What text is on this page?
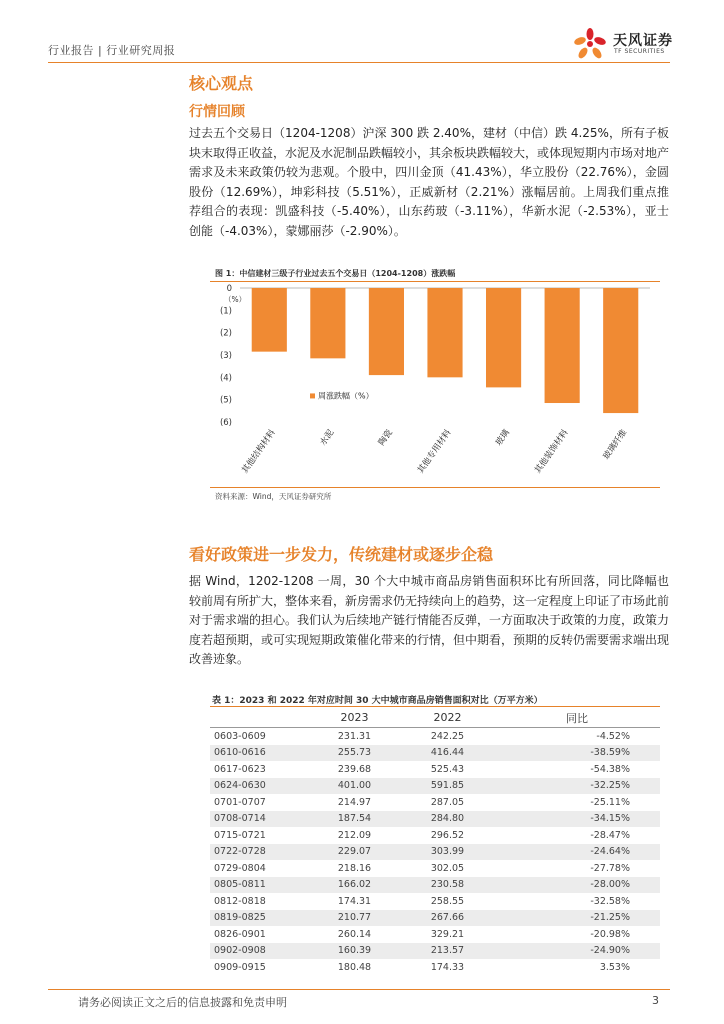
行业报告 | 行业研究周报
天风证券
TF SECURITIES
核心观点
行情回顾
过去五个交易日（1204-1208）沪深 300 跌 2.40%，建材（中信）跌 4.25%，所有子板块末取得正收益，水泥及水泥制品跌幅较小，其余板块跌幅较大，或体现短期内市场对地产需求及未来政策仍较为悲观。个股中，四川金顶（41.43%），华立股份（22.76%），金圆股份（12.69%），坤彩科技（5.51%），正威新材（2.21%）涨幅居前。上周我们重点推荐组合的表现：凯盛科技（-5.40%），山东药玻（-3.11%），华新水泥（-2.53%），亚士创能（-4.03%），蒙娜丽莎（-2.90%）。
图 1：中信建材三级子行业过去五个交易日（1204-1208）涨跌幅
0
(1)
(2)
(3)
(4)
(5)
(6)
（%）
其他结构材料	水泥	陶瓷 其他专用材料	玻璃 其他装饰材料	玻璃纤维
周涨跌幅（%）
资料来源：Wind，天风证券研究所
看好政策进一步发力，传统建材或逐步企稳
据 Wind，1202-1208 一周，30 个大中城市商品房销售面积环比有所回落，同比降幅也较前周有所扩大，整体来看，新房需求仍无持续向上的趋势，这一定程度上印证了市场此前对于需求端的担心。我们认为后续地产链行情能否反弹，一方面取决于政策的力度，政策力度若超预期，或可实现短期政策催化带来的行情，但中期看，预期的反转仍需要需求端出现改善迹象。
表 1：2023 和 2022 年对应时间 30 大中城市商品房销售面积对比（万平方米）
	2023	2022	同比
0603-0609	231.31	242.25	-4.52%
0610-0616	255.73	416.44	-38.59%
0617-0623	239.68	525.43	-54.38%
0624-0630	401.00	591.85	-32.25%
0701-0707	214.97	287.05	-25.11%
0708-0714	187.54	284.80	-34.15%
0715-0721	212.09	296.52	-28.47%
0722-0728	229.07	303.99	-24.64%
0729-0804	218.16	302.05	-27.78%
0805-0811	166.02	230.58	-28.00%
0812-0818	174.31	258.55	-32.58%
0819-0825	210.77	267.66	-21.25%
0826-0901	260.14	329.21	-20.98%
0902-0908	160.39	213.57	-24.90%
0909-0915	180.48	174.33	3.53%
请务必阅读正文之后的信息披露和免责申明	3
